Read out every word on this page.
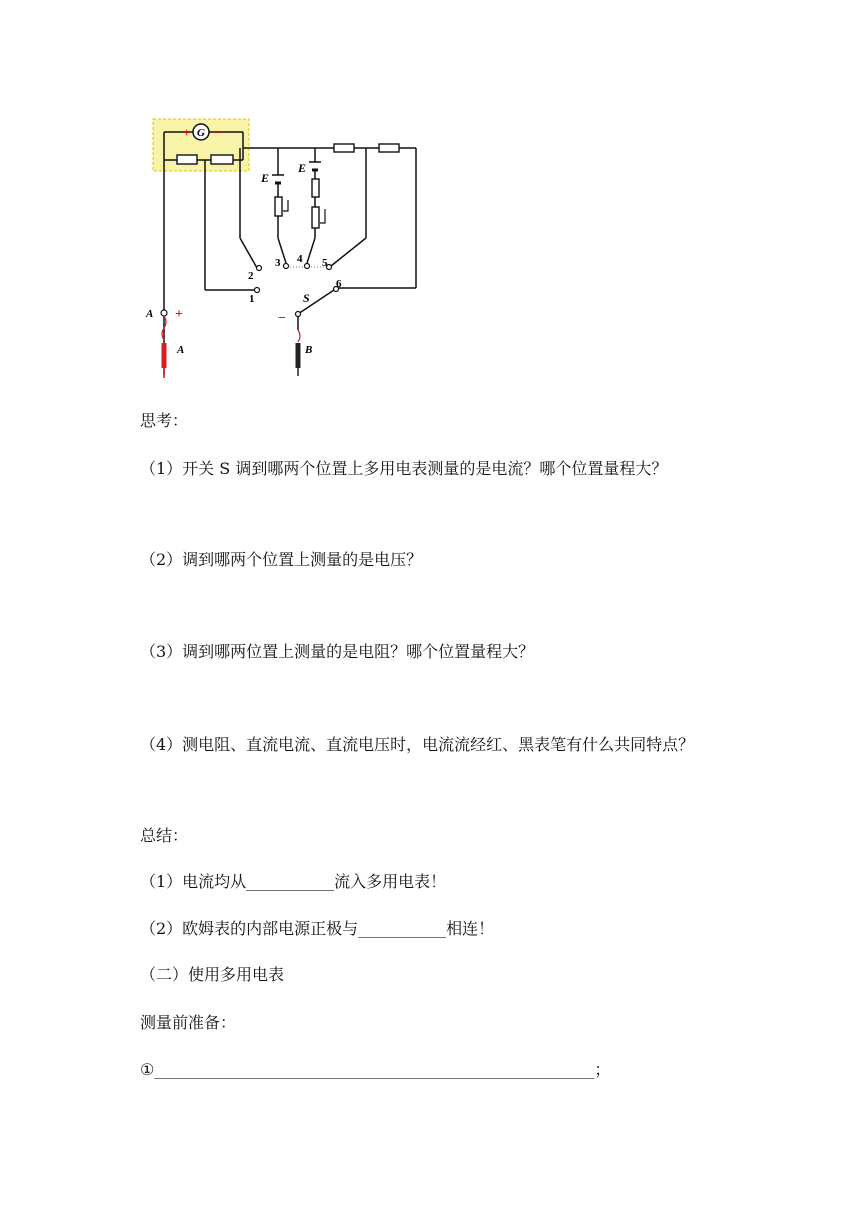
G
+ −
E
E
1
2
3 4 5
6
S
A +
A
−
B
思考：
（1）开关 S 调到哪两个位置上多用电表测量的是电流？哪个位置量程大？
（2）调到哪两个位置上测量的是电压？
（3）调到哪两位置上测量的是电阻？哪个位置量程大？
（4）测电阻、直流电流、直流电压时，电流流经红、黑表笔有什么共同特点？
总结：
（1）电流均从___________流入多用电表！
（2）欧姆表的内部电源正极与___________相连！
（二）使用多用电表
测量前准备：
①_______________________________________________________；
